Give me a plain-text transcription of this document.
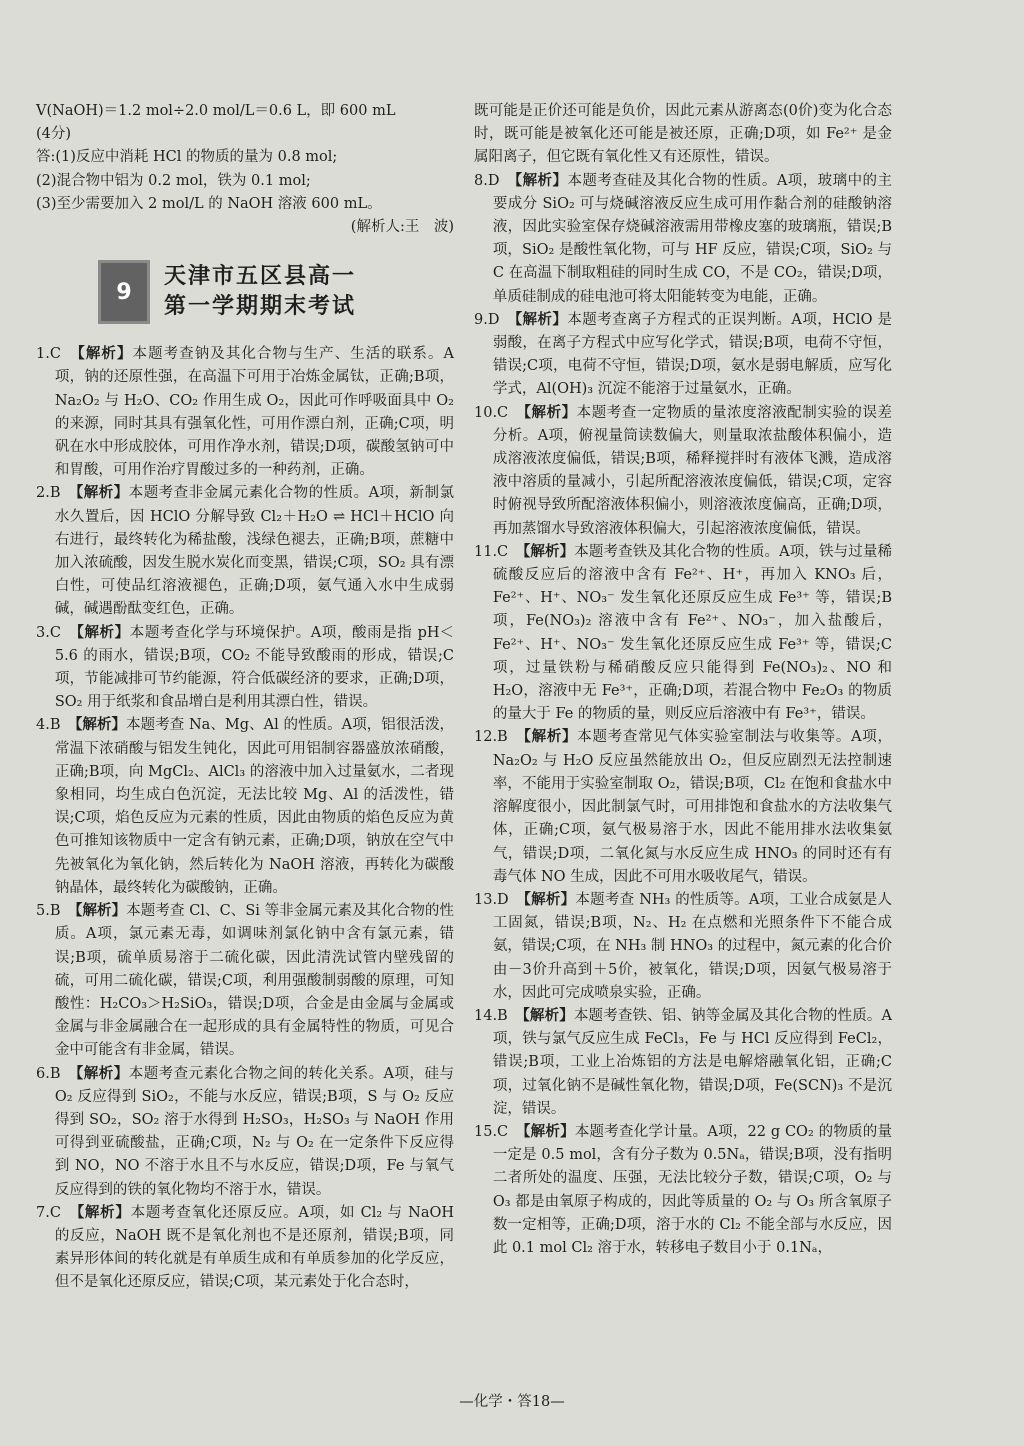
V(NaOH)＝1.2 mol÷2.0 mol/L＝0.6 L，即 600 mL

(4分)

答:(1)反应中消耗 HCl 的物质的量为 0.8 mol;

(2)混合物中铝为 0.2 mol，铁为 0.1 mol;

(3)至少需要加入 2 mol/L 的 NaOH 溶液 600 mL。

(解析人:王　波)

9
天津市五区县高一
第一学期期末考试

1.C　 【解析】本题考查钠及其化合物与生产、生活的联系。A项，钠的还原性强，在高温下可用于冶炼金属钛，正确;B项，Na₂O₂ 与 H₂O、CO₂ 作用生成 O₂，因此可作呼吸面具中 O₂ 的来源，同时其具有强氧化性，可用作漂白剂，正确;C项，明矾在水中形成胶体，可用作净水剂，错误;D项，碳酸氢钠可中和胃酸，可用作治疗胃酸过多的一种药剂，正确。

2.B　 【解析】本题考查非金属元素化合物的性质。A项，新制氯水久置后，因 HClO 分解导致 Cl₂＋H₂O ⇌ HCl＋HClO 向右进行，最终转化为稀盐酸，浅绿色褪去，正确;B项，蔗糖中加入浓硫酸，因发生脱水炭化而变黑，错误;C项，SO₂ 具有漂白性，可使品红溶液褪色，正确;D项，氨气通入水中生成弱碱，碱遇酚酞变红色，正确。

3.C　 【解析】本题考查化学与环境保护。A项，酸雨是指 pH＜5.6 的雨水，错误;B项，CO₂ 不能导致酸雨的形成，错误;C项，节能减排可节约能源，符合低碳经济的要求，正确;D项，SO₂ 用于纸浆和食品增白是利用其漂白性，错误。

4.B　 【解析】本题考查 Na、Mg、Al 的性质。A项，铝很活泼，常温下浓硝酸与铝发生钝化，因此可用铝制容器盛放浓硝酸，正确;B项，向 MgCl₂、AlCl₃ 的溶液中加入过量氨水，二者现象相同，均生成白色沉淀，无法比较 Mg、Al 的活泼性，错误;C项，焰色反应为元素的性质，因此由物质的焰色反应为黄色可推知该物质中一定含有钠元素，正确;D项，钠放在空气中先被氧化为氧化钠，然后转化为 NaOH 溶液，再转化为碳酸钠晶体，最终转化为碳酸钠，正确。

5.B　 【解析】本题考查 Cl、C、Si 等非金属元素及其化合物的性质。A项，氯元素无毒，如调味剂氯化钠中含有氯元素，错误;B项，硫单质易溶于二硫化碳，因此清洗试管内壁残留的硫，可用二硫化碳，错误;C项，利用强酸制弱酸的原理，可知酸性：H₂CO₃＞H₂SiO₃，错误;D项，合金是由金属与金属或金属与非金属融合在一起形成的具有金属特性的物质，可见合金中可能含有非金属，错误。

6.B　 【解析】本题考查元素化合物之间的转化关系。A项，硅与 O₂ 反应得到 SiO₂，不能与水反应，错误;B项，S 与 O₂ 反应得到 SO₂，SO₂ 溶于水得到 H₂SO₃，H₂SO₃ 与 NaOH 作用可得到亚硫酸盐，正确;C项，N₂ 与 O₂ 在一定条件下反应得到 NO，NO 不溶于水且不与水反应，错误;D项，Fe 与氧气反应得到的铁的氧化物均不溶于水，错误。

7.C　 【解析】本题考查氧化还原反应。A项，如 Cl₂ 与 NaOH 的反应，NaOH 既不是氧化剂也不是还原剂，错误;B项，同素异形体间的转化就是有单质生成和有单质参加的化学反应，但不是氧化还原反应，错误;C项，某元素处于化合态时，

既可能是正价还可能是负价，因此元素从游离态(0价)变为化合态时，既可能是被氧化还可能是被还原，正确;D项，如 Fe²⁺ 是金属阳离子，但它既有氧化性又有还原性，错误。

8.D　 【解析】本题考查硅及其化合物的性质。A项，玻璃中的主要成分 SiO₂ 可与烧碱溶液反应生成可用作黏合剂的硅酸钠溶液，因此实验室保存烧碱溶液需用带橡皮塞的玻璃瓶，错误;B项，SiO₂ 是酸性氧化物，可与 HF 反应，错误;C项，SiO₂ 与 C 在高温下制取粗硅的同时生成 CO，不是 CO₂，错误;D项，单质硅制成的硅电池可将太阳能转变为电能，正确。

9.D　 【解析】本题考查离子方程式的正误判断。A项，HClO 是弱酸，在离子方程式中应写化学式，错误;B项，电荷不守恒，错误;C项，电荷不守恒，错误;D项，氨水是弱电解质，应写化学式，Al(OH)₃ 沉淀不能溶于过量氨水，正确。

10.C　 【解析】本题考查一定物质的量浓度溶液配制实验的误差分析。A项，俯视量筒读数偏大，则量取浓盐酸体积偏小，造成溶液浓度偏低，错误;B项，稀释搅拌时有液体飞溅，造成溶液中溶质的量减小，引起所配溶液浓度偏低，错误;C项，定容时俯视导致所配溶液体积偏小，则溶液浓度偏高，正确;D项，再加蒸馏水导致溶液体积偏大，引起溶液浓度偏低，错误。

11.C　 【解析】本题考查铁及其化合物的性质。A项，铁与过量稀硫酸反应后的溶液中含有 Fe²⁺、H⁺，再加入 KNO₃ 后，Fe²⁺、H⁺、NO₃⁻ 发生氧化还原反应生成 Fe³⁺ 等，错误;B项，Fe(NO₃)₂ 溶液中含有 Fe²⁺、NO₃⁻，加入盐酸后，Fe²⁺、H⁺、NO₃⁻ 发生氧化还原反应生成 Fe³⁺ 等，错误;C项，过量铁粉与稀硝酸反应只能得到 Fe(NO₃)₂、NO 和 H₂O，溶液中无 Fe³⁺，正确;D项，若混合物中 Fe₂O₃ 的物质的量大于 Fe 的物质的量，则反应后溶液中有 Fe³⁺，错误。

12.B　 【解析】本题考查常见气体实验室制法与收集等。A项，Na₂O₂ 与 H₂O 反应虽然能放出 O₂，但反应剧烈无法控制速率，不能用于实验室制取 O₂，错误;B项，Cl₂ 在饱和食盐水中溶解度很小，因此制氯气时，可用排饱和食盐水的方法收集气体，正确;C项，氨气极易溶于水，因此不能用排水法收集氨气，错误;D项，二氧化氮与水反应生成 HNO₃ 的同时还有有毒气体 NO 生成，因此不可用水吸收尾气，错误。

13.D　 【解析】本题考查 NH₃ 的性质等。A项，工业合成氨是人工固氮，错误;B项，N₂、H₂ 在点燃和光照条件下不能合成氨，错误;C项，在 NH₃ 制 HNO₃ 的过程中，氮元素的化合价由－3价升高到＋5价，被氧化，错误;D项，因氨气极易溶于水，因此可完成喷泉实验，正确。

14.B　 【解析】本题考查铁、铝、钠等金属及其化合物的性质。A项，铁与氯气反应生成 FeCl₃，Fe 与 HCl 反应得到 FeCl₂，错误;B项，工业上冶炼铝的方法是电解熔融氧化铝，正确;C项，过氧化钠不是碱性氧化物，错误;D项，Fe(SCN)₃ 不是沉淀，错误。

15.C　 【解析】本题考查化学计量。A项，22 g CO₂ 的物质的量一定是 0.5 mol，含有分子数为 0.5Nₐ，错误;B项，没有指明二者所处的温度、压强，无法比较分子数，错误;C项，O₂ 与 O₃ 都是由氧原子构成的，因此等质量的 O₂ 与 O₃ 所含氧原子数一定相等，正确;D项，溶于水的 Cl₂ 不能全部与水反应，因此 0.1 mol Cl₂ 溶于水，转移电子数目小于 0.1Nₐ，

—化学・答18—
